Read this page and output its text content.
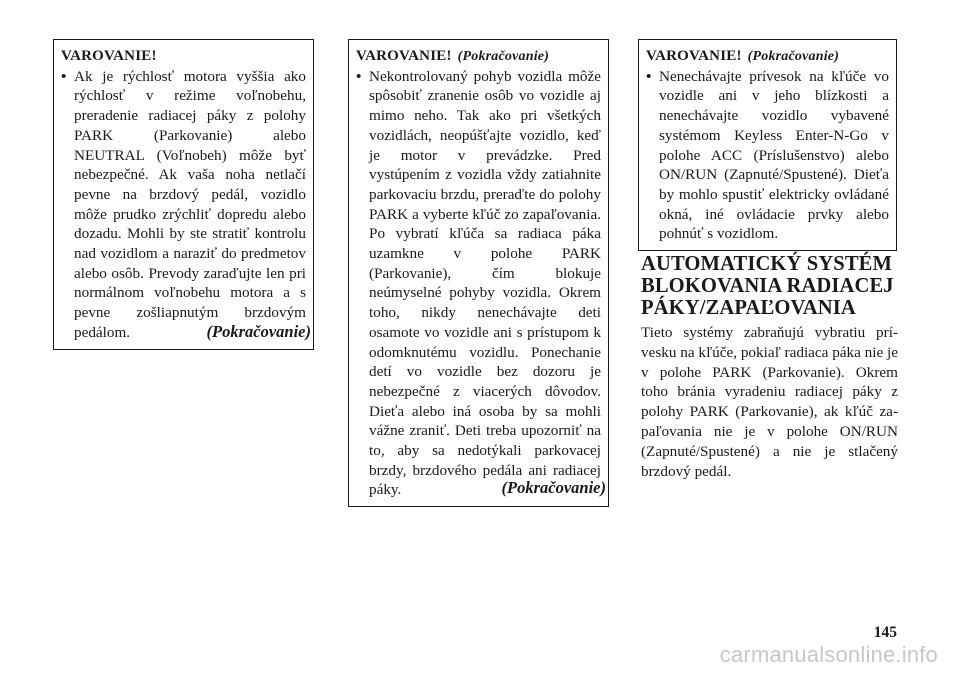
VAROVANIE!
• Ak je rýchlosť motora vyššia ako rýchlosť v režime voľnobehu, preradenie radiacej páky z polohy PARK (Parkovanie) alebo NEUTRAL (Voľnobeh) môže byť nebezpečné. Ak vaša noha netlačí pevne na brzdový pedál, vozidlo môže prudko zrýchliť dopredu alebo dozadu. Mohli by ste stratiť kontrolu nad vozidlom a naraziť do predmetov alebo osôb. Prevody zaraďujte len pri normálnom voľnobehu motora a s pevne zošliapnutým brzdovým pedálom.	(Pokračovanie)
VAROVANIE! (Pokračovanie)
• Nekontrolovaný pohyb vozidla môže spôsobiť zranenie osôb vo vozidle aj mimo neho. Tak ako pri všetkých vozidlách, neopúšťajte vozidlo, keď je motor v prevádzke. Pred vystúpením z vozidla vždy zatiahnite parkovaciu brzdu, preraďte do polohy PARK a vyberte kľúč zo zapaľovania. Po vybratí kľúča sa radiaca páka uzamkne v polohe PARK (Parkovanie), čím blokuje neúmyselné pohyby vozidla. Okrem toho, nikdy nenechávajte deti osamote vo vozidle ani s prístupom k odomknutému vozidlu. Ponechanie detí vo vozidle bez dozoru je nebezpečné z viacerých dôvodov. Dieťa alebo iná osoba by sa mohli vážne zraniť. Deti treba upozorniť na to, aby sa nedotýkali parkovacej brzdy, brzdového pedála ani radiacej páky.	(Pokračovanie)
VAROVANIE! (Pokračovanie)
• Nenechávajte prívesok na kľúče vo vozidle ani v jeho blízkosti a nenechávajte vozidlo vybavené systémom Keyless Enter-N-Go v polohe ACC (Príslušenstvo) alebo ON/RUN (Zapnuté/Spustené). Dieťa by mohlo spustiť elektricky ovládané okná, iné ovládacie prvky alebo pohnúť s vozidlom.
AUTOMATICKÝ SYSTÉM BLOKOVANIA RADIACEJ PÁKY/ZAPAĽOVANIA
Tieto systémy zabraňujú vybratiu prívesku na kľúče, pokiaľ radiaca páka nie je v polohe PARK (Parkovanie). Okrem toho bránia vyradeniu radiacej páky z polohy PARK (Parkovanie), ak kľúč zapaľovania nie je v polohe ON/RUN (Zapnuté/Spustené) a nie je stlačený brzdový pedál.
145
carmanualsonline.info
